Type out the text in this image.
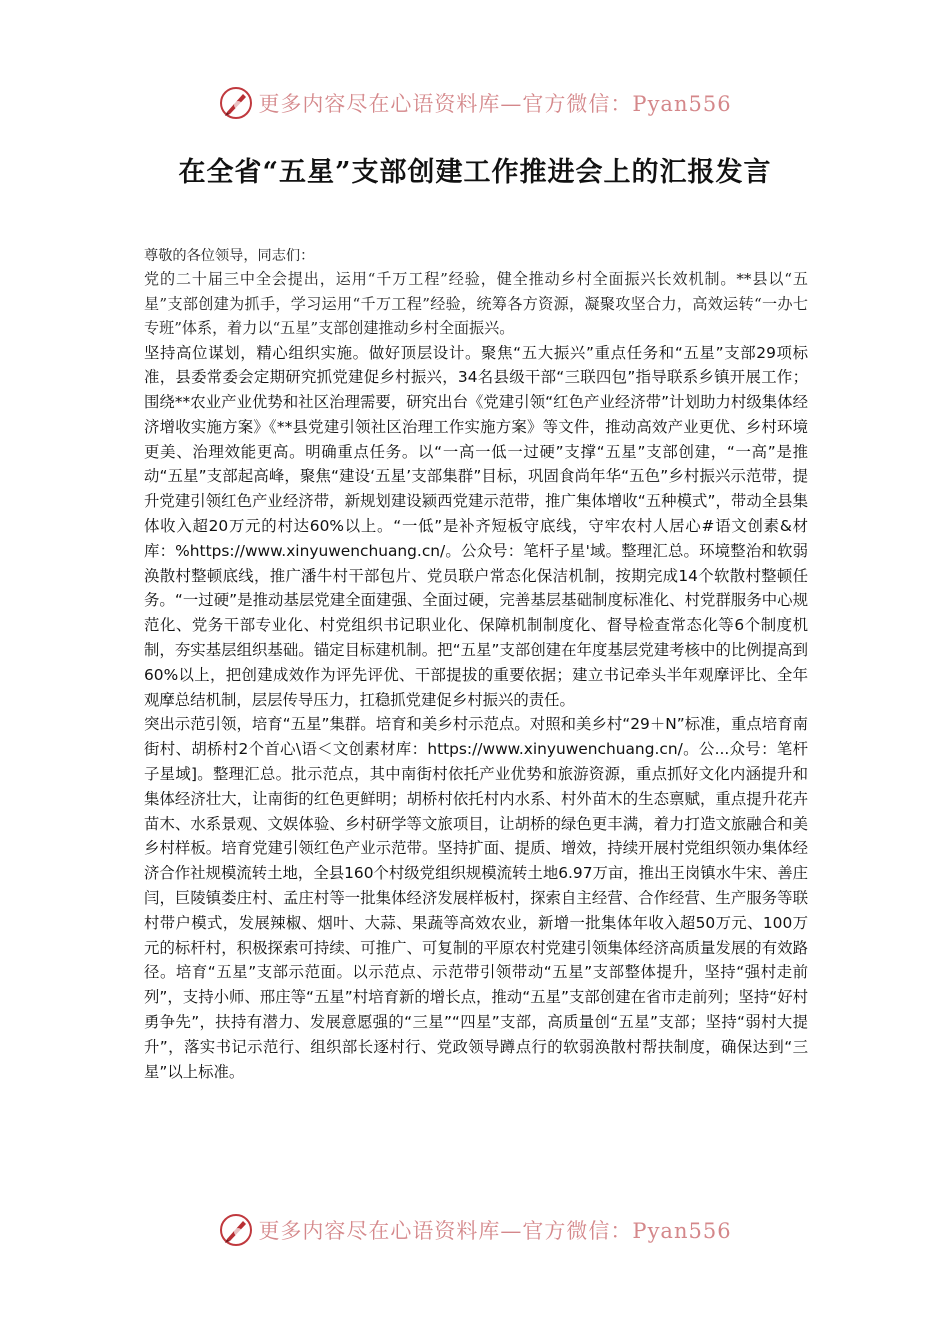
更多内容尽在心语资料库—官方微信：Pyan556
在全省“五星”支部创建工作推进会上的汇报发言

尊敬的各位领导，同志们：

党的二十届三中全会提出，运用“千万工程”经验，健全推动乡村全面振兴长效机制。**县以“五星”支部创建为抓手，学习运用“千万工程”经验，统筹各方资源，凝聚攻坚合力，高效运转“一办七专班”体系，着力以“五星”支部创建推动乡村全面振兴。

坚持高位谋划，精心组织实施。做好顶层设计。聚焦“五大振兴”重点任务和“五星”支部29项标准，县委常委会定期研究抓党建促乡村振兴，34名县级干部“三联四包”指导联系乡镇开展工作；围绕**农业产业优势和社区治理需要，研究出台《党建引领“红色产业经济带”计划助力村级集体经济增收实施方案》《**县党建引领社区治理工作实施方案》等文件，推动高效产业更优、乡村环境更美、治理效能更高。明确重点任务。以“一高一低一过硬”支撑“五星”支部创建，“一高”是推动“五星”支部起高峰，聚焦“建设‘五星’支部集群”目标，巩固食尚年华“五色”乡村振兴示范带，提升党建引领红色产业经济带，新规划建设颍西党建示范带，推广集体增收“五种模式”，带动全县集体收入超20万元的村达60%以上。“一低”是补齐短板守底线，守牢农村人居心#语文创素&材库：%https://www.xinyuwenchuang.cn/。公众号：笔杆子星'域。整理汇总。环境整治和软弱涣散村整顿底线，推广潘牛村干部包片、党员联户常态化保洁机制，按期完成14个软散村整顿任务。“一过硬”是推动基层党建全面建强、全面过硬，完善基层基础制度标准化、村党群服务中心规范化、党务干部专业化、村党组织书记职业化、保障机制制度化、督导检查常态化等6个制度机制，夯实基层组织基础。锚定目标建机制。把“五星”支部创建在年度基层党建考核中的比例提高到60%以上，把创建成效作为评先评优、干部提拔的重要依据；建立书记牵头半年观摩评比、全年观摩总结机制，层层传导压力，扛稳抓党建促乡村振兴的责任。

突出示范引领，培育“五星”集群。培育和美乡村示范点。对照和美乡村“29＋N”标准，重点培育南街村、胡桥村2个首心\语＜文创素材库：https://www.xinyuwenchuang.cn/。公...众号：笔杆子星域]。整理汇总。批示范点，其中南街村依托产业优势和旅游资源，重点抓好文化内涵提升和集体经济壮大，让南街的红色更鲜明；胡桥村依托村内水系、村外苗木的生态禀赋，重点提升花卉苗木、水系景观、文娱体验、乡村研学等文旅项目，让胡桥的绿色更丰满，着力打造文旅融合和美乡村样板。培育党建引领红色产业示范带。坚持扩面、提质、增效，持续开展村党组织领办集体经济合作社规模流转土地，全县160个村级党组织规模流转土地6.97万亩，推出王岗镇水牛宋、善庄闫，巨陵镇娄庄村、孟庄村等一批集体经济发展样板村，探索自主经营、合作经营、生产服务等联村带户模式，发展辣椒、烟叶、大蒜、果蔬等高效农业，新增一批集体年收入超50万元、100万元的标杆村，积极探索可持续、可推广、可复制的平原农村党建引领集体经济高质量发展的有效路径。培育“五星”支部示范面。以示范点、示范带引领带动“五星”支部整体提升，坚持“强村走前列”，支持小师、邢庄等“五星”村培育新的增长点，推动“五星”支部创建在省市走前列；坚持“好村勇争先”，扶持有潜力、发展意愿强的“三星”“四星”支部，高质量创“五星”支部；坚持“弱村大提升”，落实书记示范行、组织部长逐村行、党政领导蹲点行的软弱涣散村帮扶制度，确保达到“三星”以上标准。

更多内容尽在心语资料库—官方微信：Pyan556
